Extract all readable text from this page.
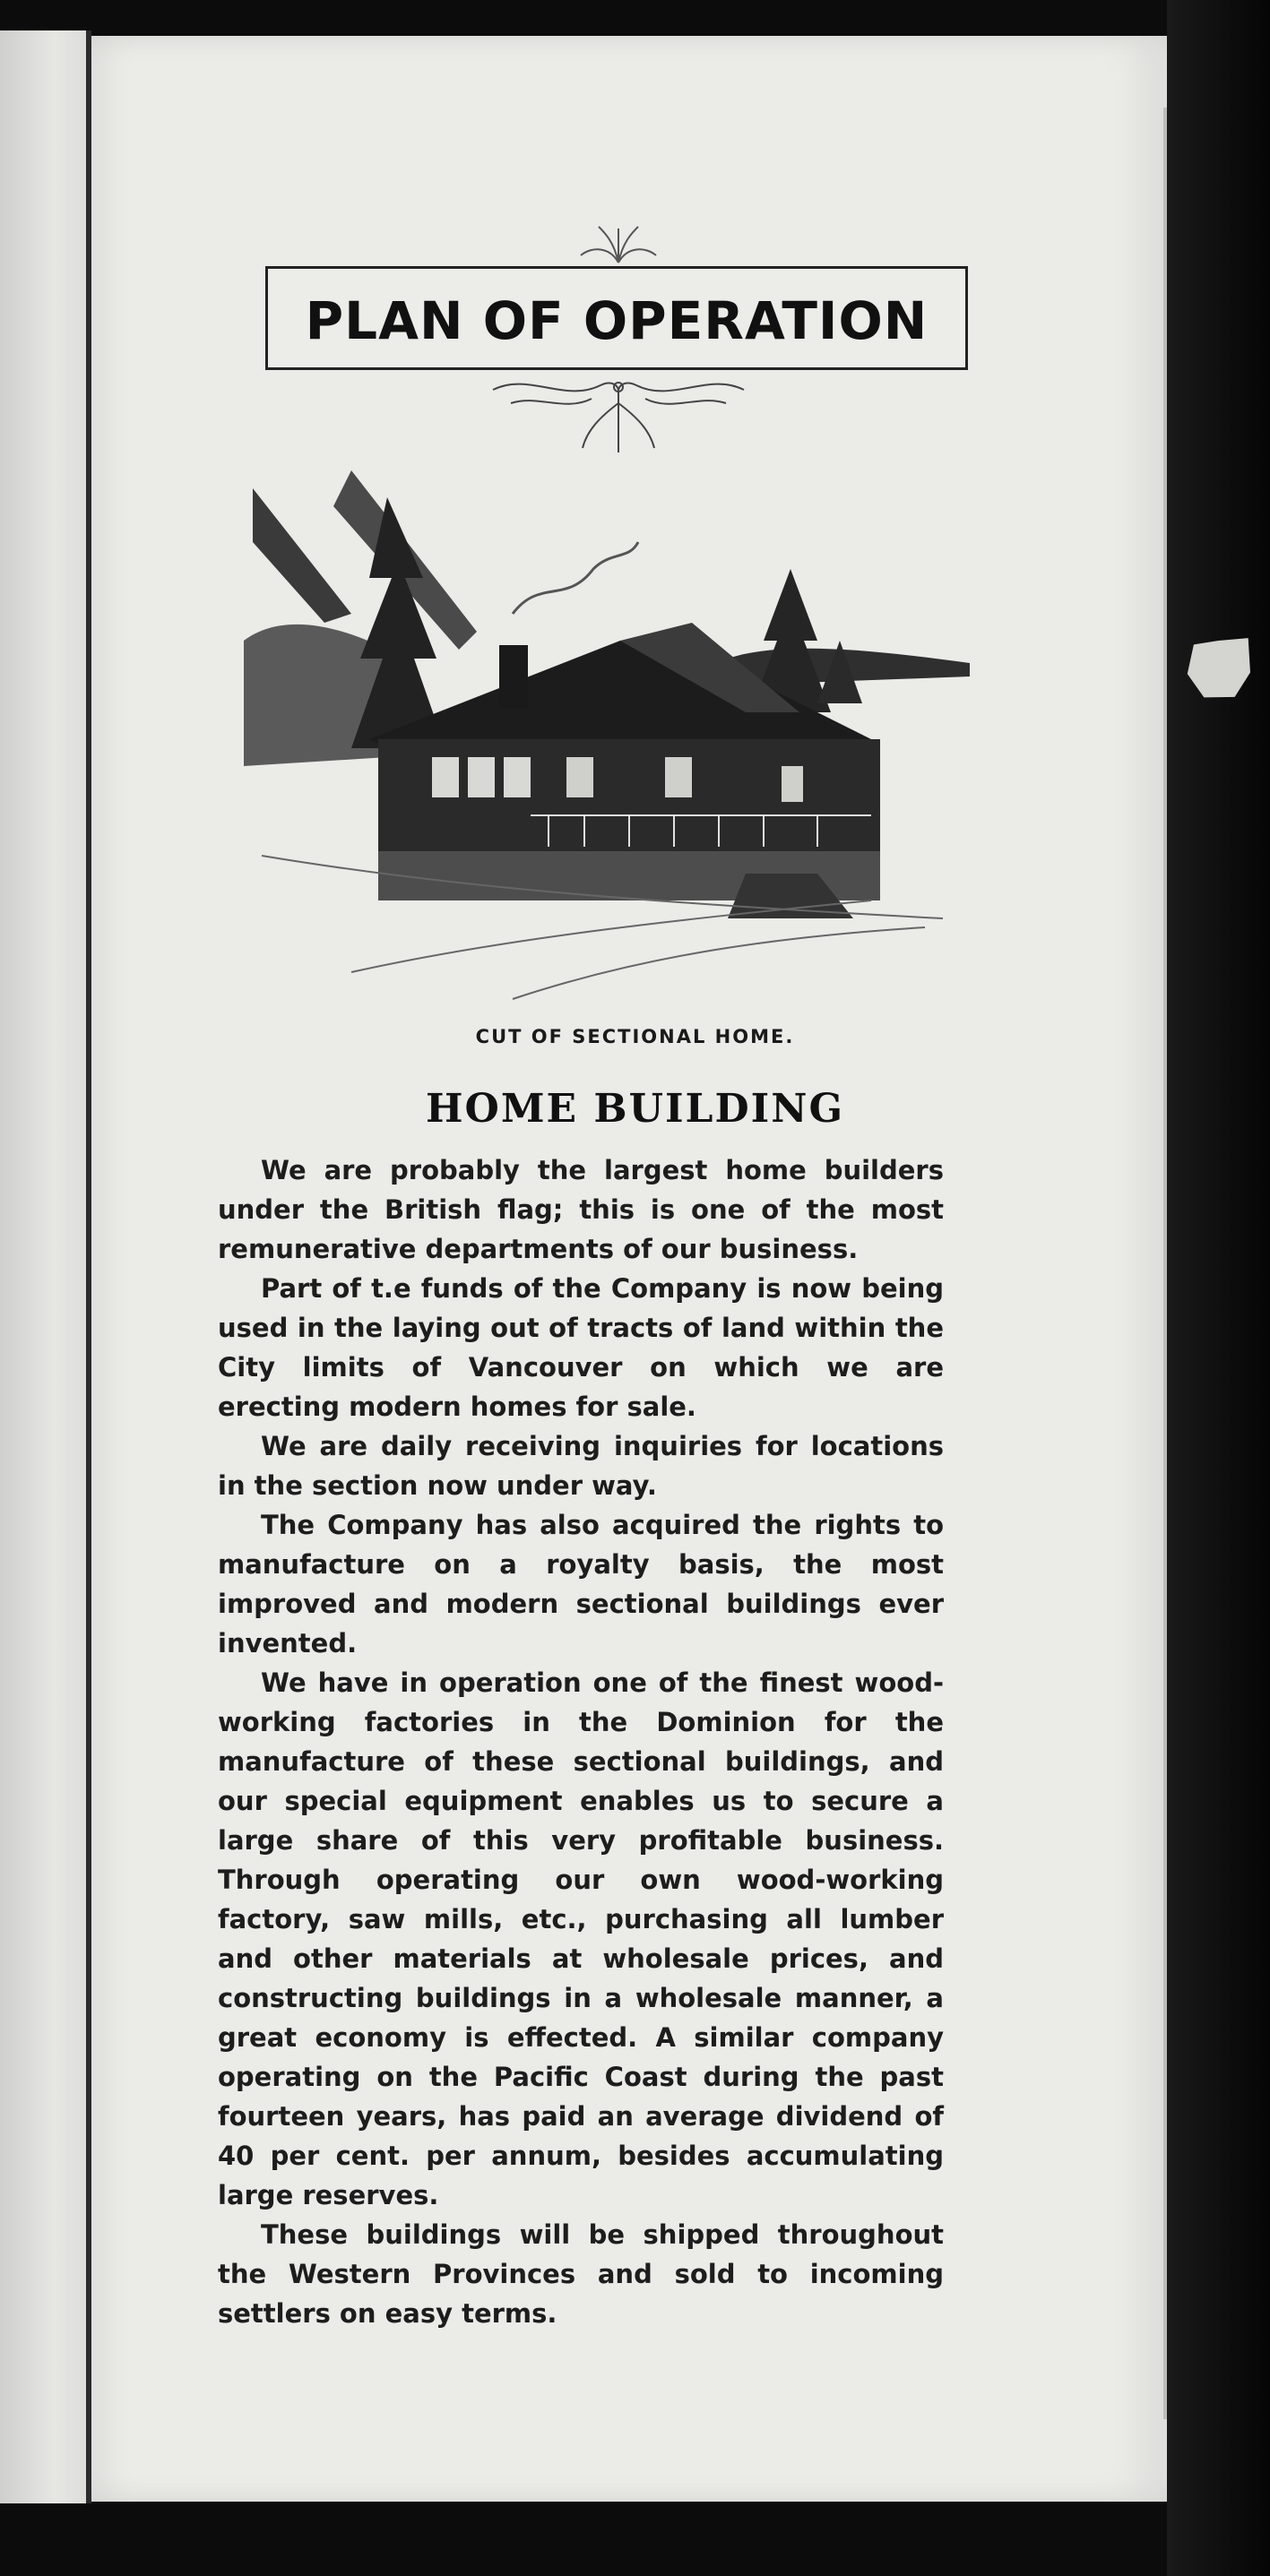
PLAN OF OPERATION
CUT OF SECTIONAL HOME.
HOME BUILDING

We are probably the largest home builders under the British flag; this is one of the most remunerative departments of our business.

Part of t.e funds of the Company is now being used in the laying out of tracts of land within the City limits of Vancouver on which we are erecting modern homes for sale.

We are daily receiving inquiries for locations in the section now under way.

The Company has also acquired the rights to manufacture on a royalty basis, the most improved and modern sectional buildings ever invented.

We have in operation one of the finest wood-working factories in the Dominion for the manufacture of these sectional buildings, and our special equipment enables us to secure a large share of this very profitable business. Through operating our own wood-working factory, saw mills, etc., purchasing all lumber and other materials at wholesale prices, and constructing buildings in a wholesale manner, a great economy is effected. A similar company operating on the Pacific Coast during the past fourteen years, has paid an average dividend of 40 per cent. per annum, besides accumulating large reserves.

These buildings will be shipped throughout the Western Provinces and sold to incoming settlers on easy terms.
